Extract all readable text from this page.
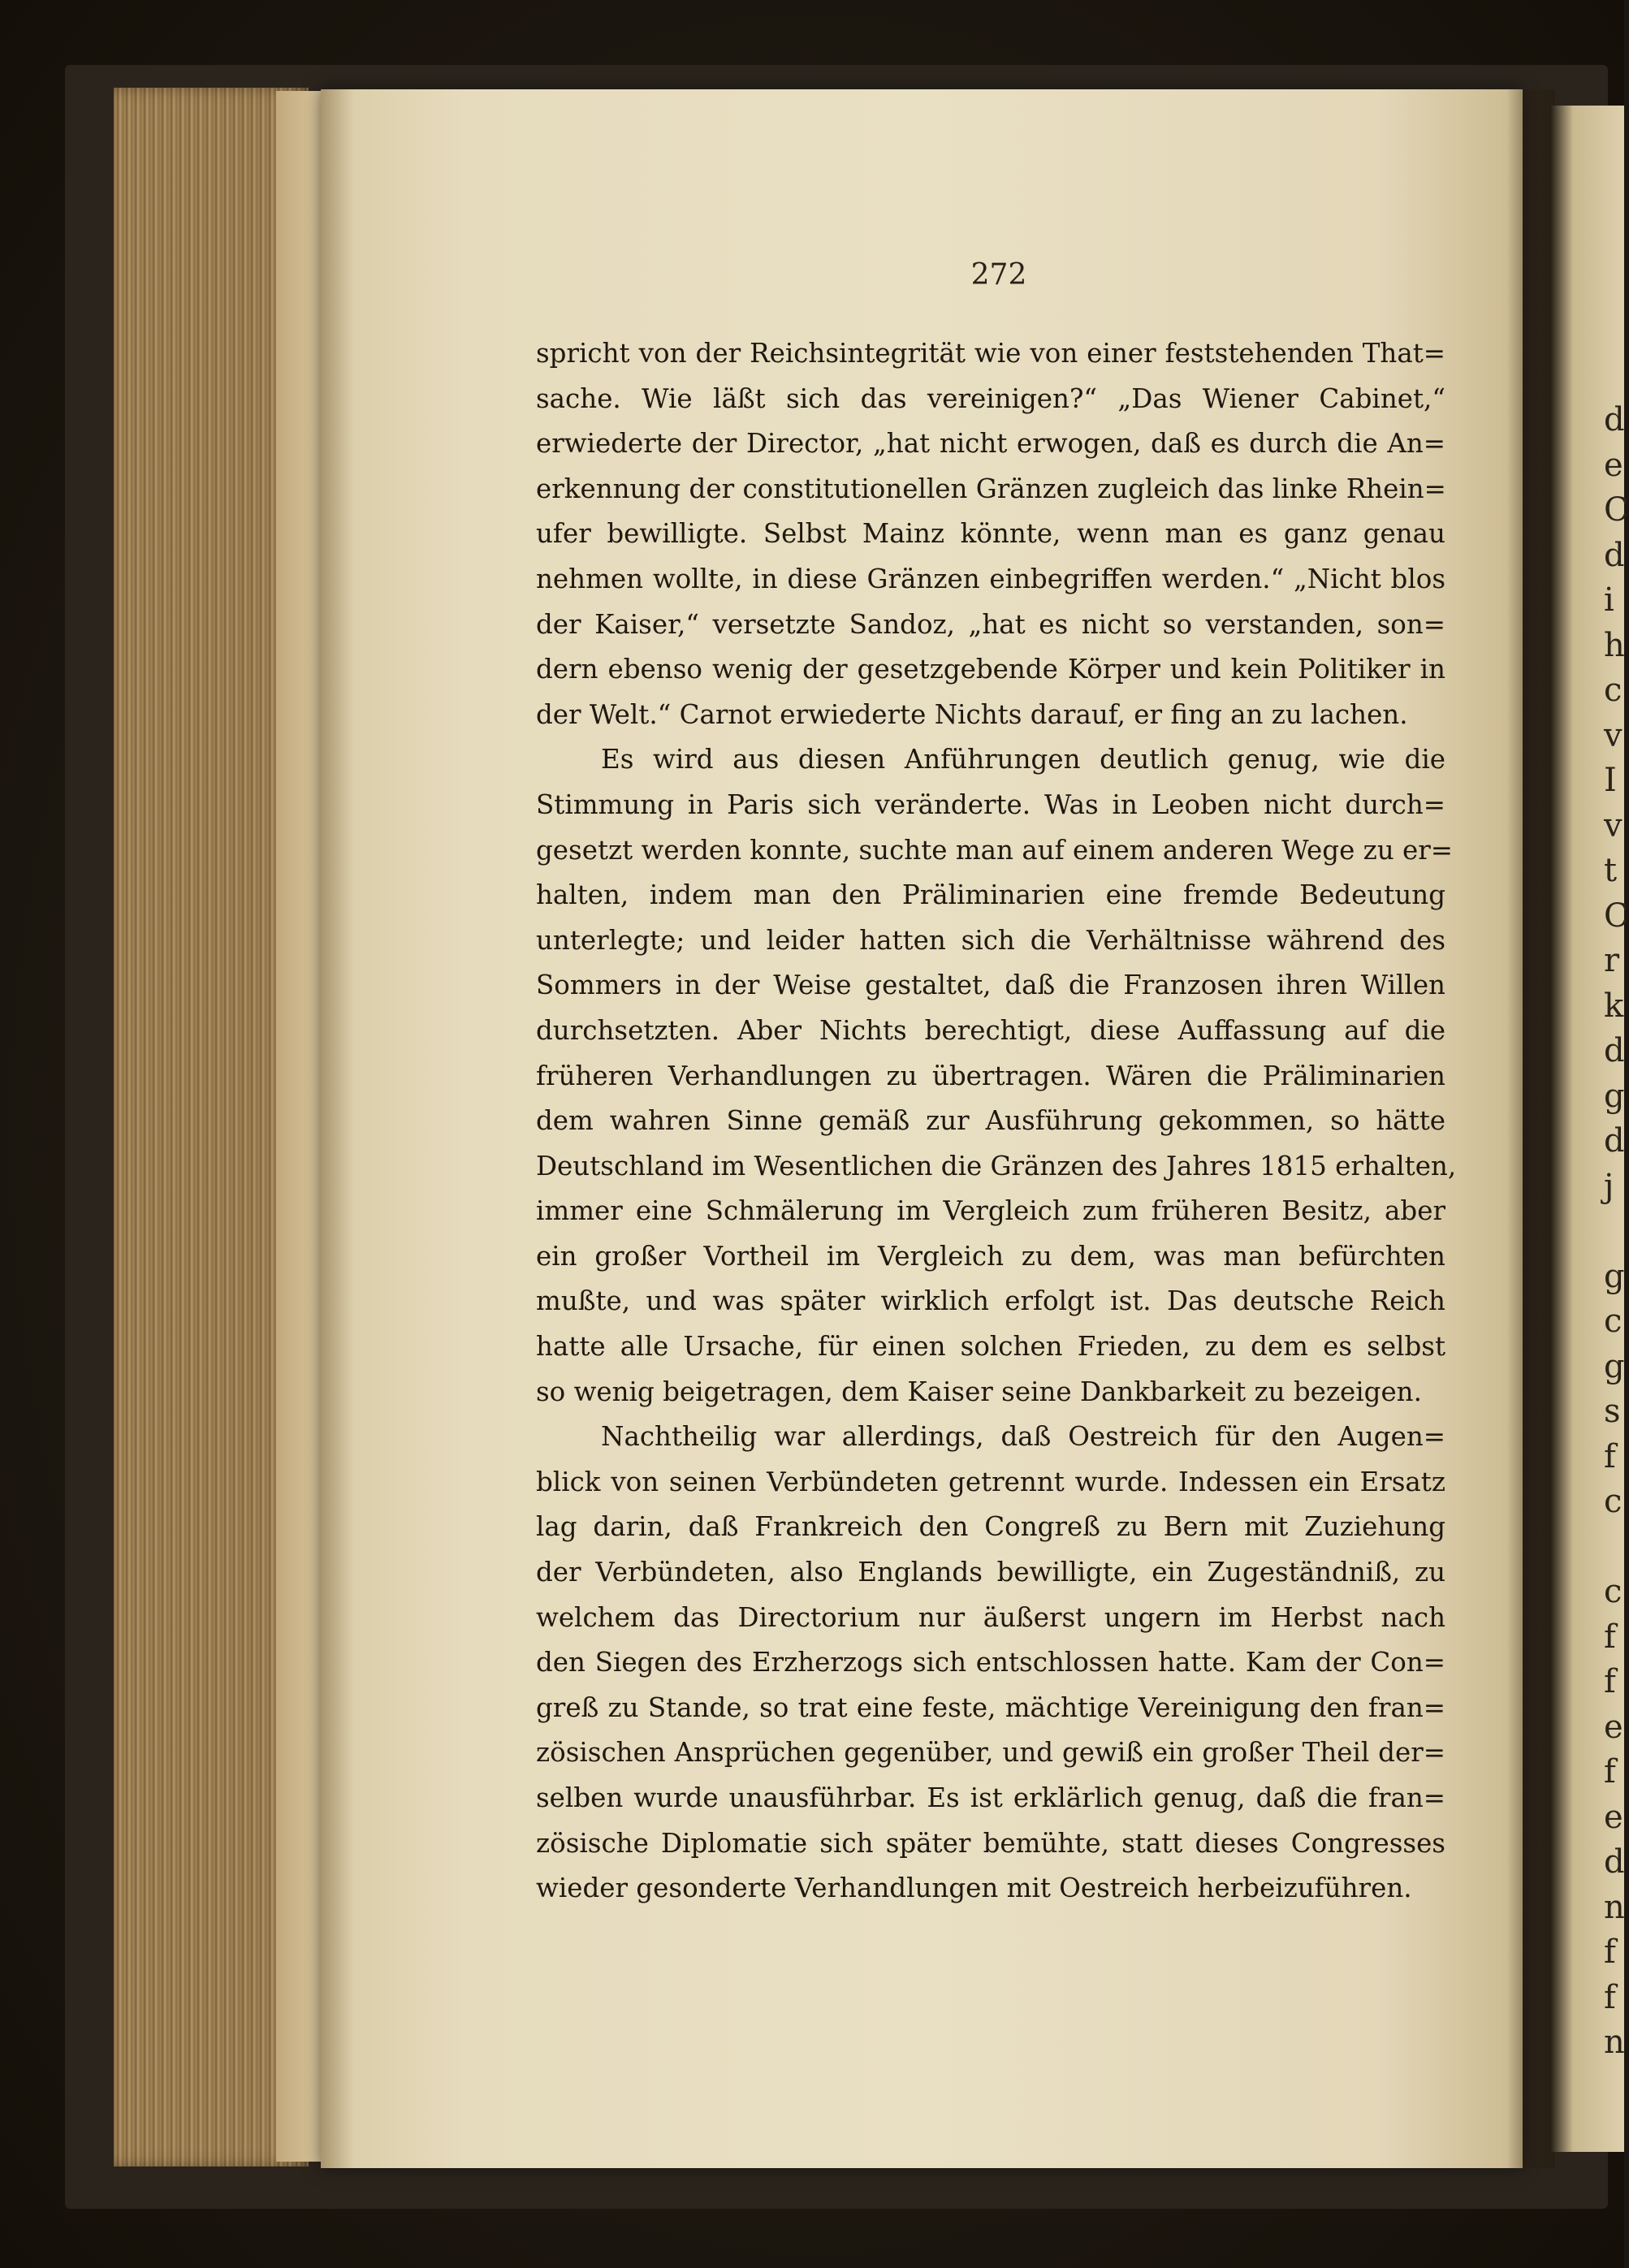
d
e
C
d
i
h
c
v
I
v
t
C
r
k
d
g
d
j
g
c
g
s
f
c
c
f
f
e
f
e
d
n
f
f
n
272
spricht von der Reichsintegrität wie von einer feststehenden That=
sache. Wie läßt sich das vereinigen?“ „Das Wiener Cabinet,“
erwiederte der Director, „hat nicht erwogen, daß es durch die An=
erkennung der constitutionellen Gränzen zugleich das linke Rhein=
ufer bewilligte. Selbst Mainz könnte, wenn man es ganz genau
nehmen wollte, in diese Gränzen einbegriffen werden.“ „Nicht blos
der Kaiser,“ versetzte Sandoz, „hat es nicht so verstanden, son=
dern ebenso wenig der gesetzgebende Körper und kein Politiker in
der Welt.“ Carnot erwiederte Nichts darauf, er fing an zu lachen.
Es wird aus diesen Anführungen deutlich genug, wie die
Stimmung in Paris sich veränderte. Was in Leoben nicht durch=
gesetzt werden konnte, suchte man auf einem anderen Wege zu er=
halten, indem man den Präliminarien eine fremde Bedeutung
unterlegte; und leider hatten sich die Verhältnisse während des
Sommers in der Weise gestaltet, daß die Franzosen ihren Willen
durchsetzten. Aber Nichts berechtigt, diese Auffassung auf die
früheren Verhandlungen zu übertragen. Wären die Präliminarien
dem wahren Sinne gemäß zur Ausführung gekommen, so hätte
Deutschland im Wesentlichen die Gränzen des Jahres 1815 erhalten,
immer eine Schmälerung im Vergleich zum früheren Besitz, aber
ein großer Vortheil im Vergleich zu dem, was man befürchten
mußte, und was später wirklich erfolgt ist. Das deutsche Reich
hatte alle Ursache, für einen solchen Frieden, zu dem es selbst
so wenig beigetragen, dem Kaiser seine Dankbarkeit zu bezeigen.
Nachtheilig war allerdings, daß Oestreich für den Augen=
blick von seinen Verbündeten getrennt wurde. Indessen ein Ersatz
lag darin, daß Frankreich den Congreß zu Bern mit Zuziehung
der Verbündeten, also Englands bewilligte, ein Zugeständniß, zu
welchem das Directorium nur äußerst ungern im Herbst nach
den Siegen des Erzherzogs sich entschlossen hatte. Kam der Con=
greß zu Stande, so trat eine feste, mächtige Vereinigung den fran=
zösischen Ansprüchen gegenüber, und gewiß ein großer Theil der=
selben wurde unausführbar. Es ist erklärlich genug, daß die fran=
zösische Diplomatie sich später bemühte, statt dieses Congresses
wieder gesonderte Verhandlungen mit Oestreich herbeizuführen.
